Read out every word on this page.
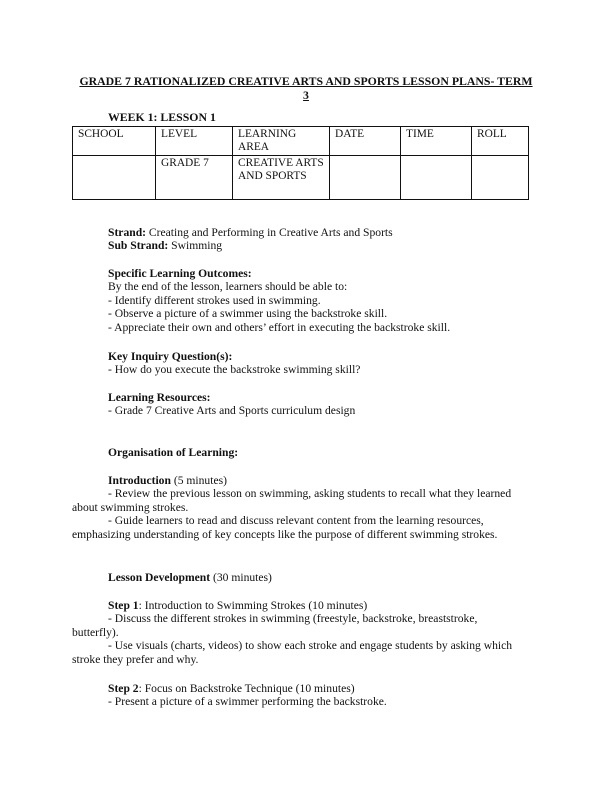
GRADE 7 RATIONALIZED CREATIVE ARTS AND SPORTS LESSON PLANS- TERM
3
WEEK 1: LESSON 1
SCHOOL	LEVEL	LEARNING AREA	DATE	TIME	ROLL
	GRADE 7	CREATIVE ARTS AND SPORTS			
Strand: Creating and Performing in Creative Arts and Sports
Sub Strand: Swimming
Specific Learning Outcomes:
By the end of the lesson, learners should be able to:
- Identify different strokes used in swimming.
- Observe a picture of a swimmer using the backstroke skill.
- Appreciate their own and others’ effort in executing the backstroke skill.
Key Inquiry Question(s):
- How do you execute the backstroke swimming skill?
Learning Resources:
- Grade 7 Creative Arts and Sports curriculum design
Organisation of Learning:
Introduction (5 minutes)
- Review the previous lesson on swimming, asking students to recall what they learned
about swimming strokes.
- Guide learners to read and discuss relevant content from the learning resources,
emphasizing understanding of key concepts like the purpose of different swimming strokes.
Lesson Development (30 minutes)
Step 1: Introduction to Swimming Strokes (10 minutes)
- Discuss the different strokes in swimming (freestyle, backstroke, breaststroke,
butterfly).
- Use visuals (charts, videos) to show each stroke and engage students by asking which
stroke they prefer and why.
Step 2: Focus on Backstroke Technique (10 minutes)
- Present a picture of a swimmer performing the backstroke.
